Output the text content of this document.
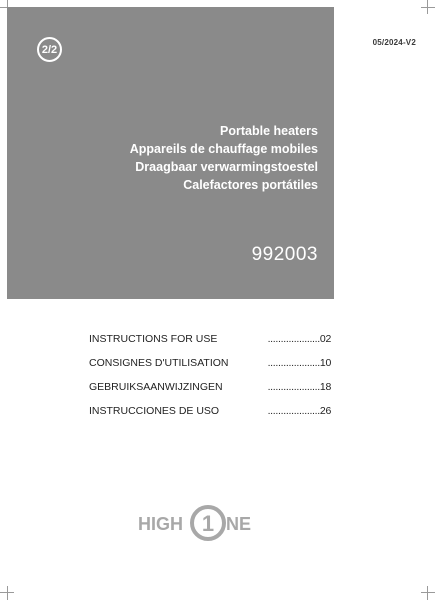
2/2
05/2024-V2
Portable heaters
Appareils de chauffage mobiles
Draagbaar verwarmingstoestel
Calefactores portátiles
992003
INSTRUCTIONS FOR USE	....................02
CONSIGNES D'UTILISATION	....................10
GEBRUIKSAANWIJZINGEN	....................18
INSTRUCCIONES DE USO	....................26
HIGH 1 NE
